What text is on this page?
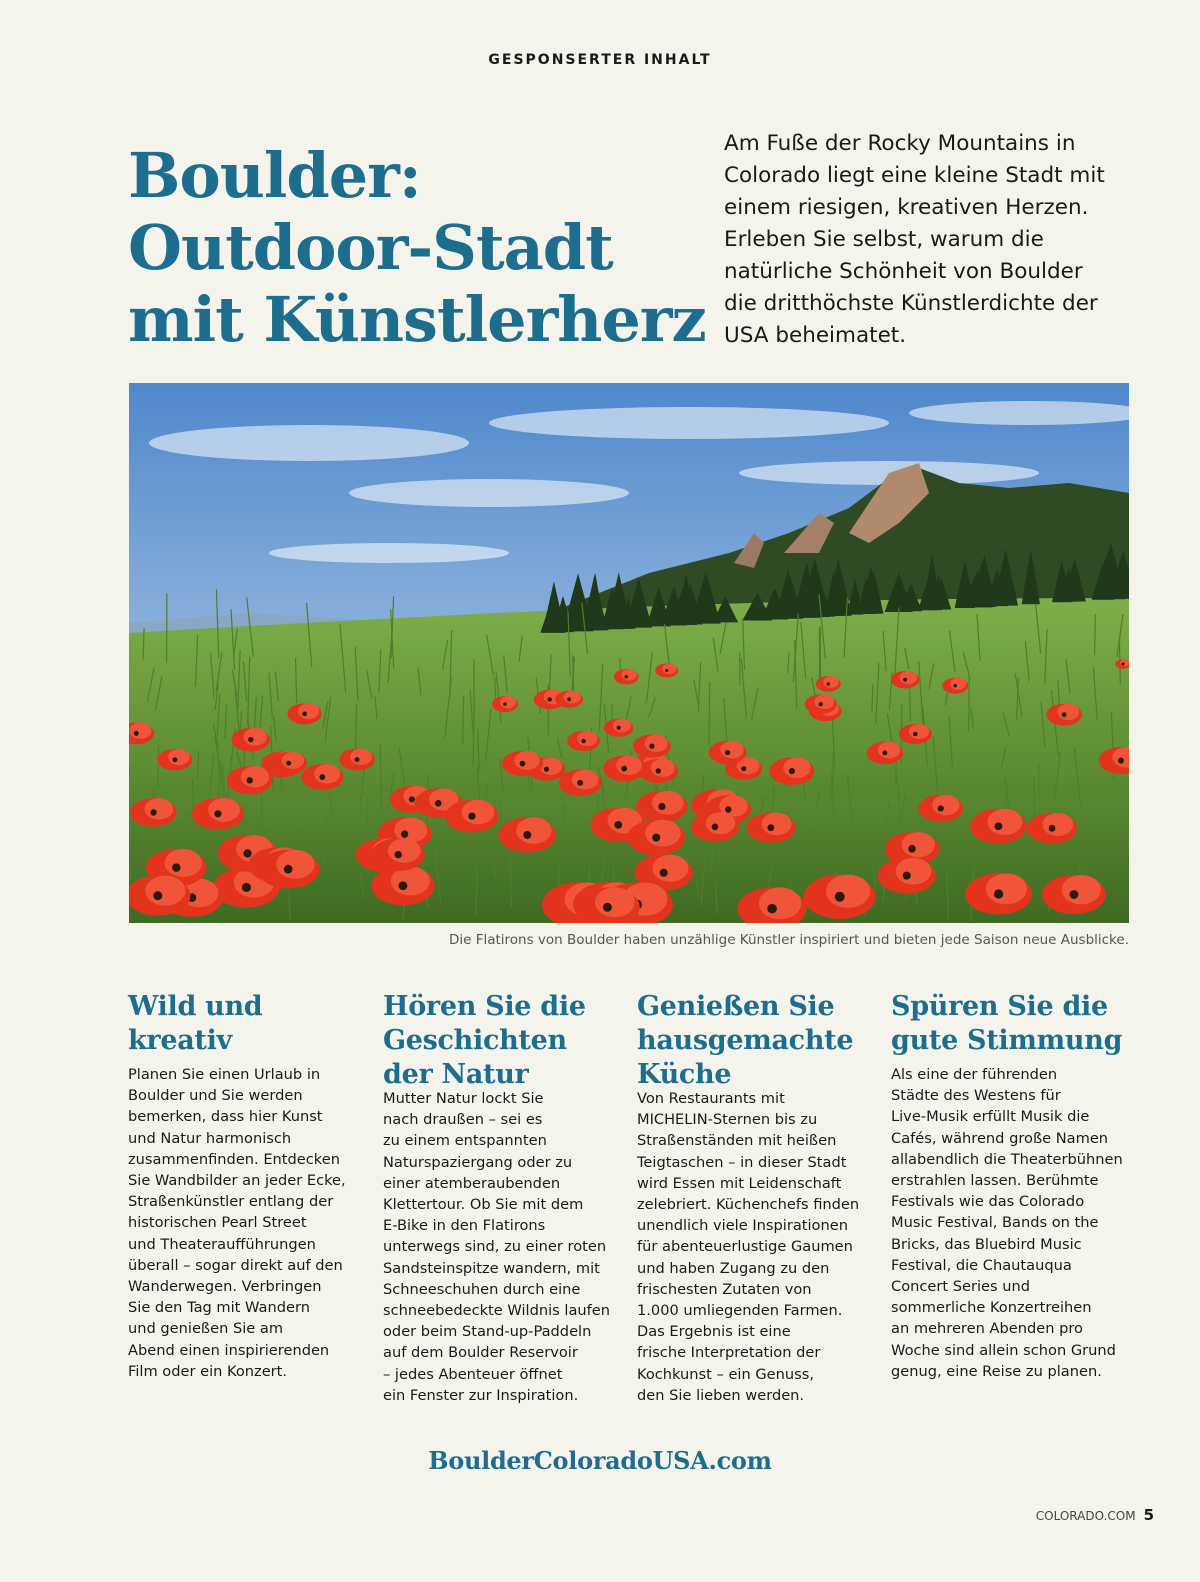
GESPONSERTER INHALT
Boulder:
Outdoor-Stadt
mit Künstlerherz

Am Fuße der Rocky Mountains in
Colorado liegt eine kleine Stadt mit
einem riesigen, kreativen Herzen.
Erleben Sie selbst, warum die
natürliche Schönheit von Boulder
die dritthöchste Künstlerdichte der
USA beheimatet.

Die Flatirons von Boulder haben unzählige Künstler inspiriert und bieten jede Saison neue Ausblicke.
Wild und
kreativ

Planen Sie einen Urlaub in
Boulder und Sie werden
bemerken, dass hier Kunst
und Natur harmonisch
zusammenfinden. Entdecken
Sie Wandbilder an jeder Ecke,
Straßenkünstler entlang der
historischen Pearl Street
und Theateraufführungen
überall – sogar direkt auf den
Wanderwegen. Verbringen
Sie den Tag mit Wandern
und genießen Sie am
Abend einen inspirierenden
Film oder ein Konzert.

Hören Sie die
Geschichten
der Natur

Mutter Natur lockt Sie
nach draußen – sei es
zu einem entspannten
Naturspaziergang oder zu
einer atemberaubenden
Klettertour. Ob Sie mit dem
E-Bike in den Flatirons
unterwegs sind, zu einer roten
Sandsteinspitze wandern, mit
Schneeschuhen durch eine
schneebedeckte Wildnis laufen
oder beim Stand-up-Paddeln
auf dem Boulder Reservoir
– jedes Abenteuer öffnet
ein Fenster zur Inspiration.

Genießen Sie
hausgemachte
Küche

Von Restaurants mit
MICHELIN-Sternen bis zu
Straßenständen mit heißen
Teigtaschen – in dieser Stadt
wird Essen mit Leidenschaft
zelebriert. Küchenchefs finden
unendlich viele Inspirationen
für abenteuerlustige Gaumen
und haben Zugang zu den
frischesten Zutaten von
1.000 umliegenden Farmen.
Das Ergebnis ist eine
frische Interpretation der
Kochkunst – ein Genuss,
den Sie lieben werden.

Spüren Sie die
gute Stimmung

Als eine der führenden
Städte des Westens für
Live-Musik erfüllt Musik die
Cafés, während große Namen
allabendlich die Theaterbühnen
erstrahlen lassen. Berühmte
Festivals wie das Colorado
Music Festival, Bands on the
Bricks, das Bluebird Music
Festival, die Chautauqua
Concert Series und
sommerliche Konzertreihen
an mehreren Abenden pro
Woche sind allein schon Grund
genug, eine Reise zu planen.

BoulderColoradoUSA.com
COLORADO.COM 5
